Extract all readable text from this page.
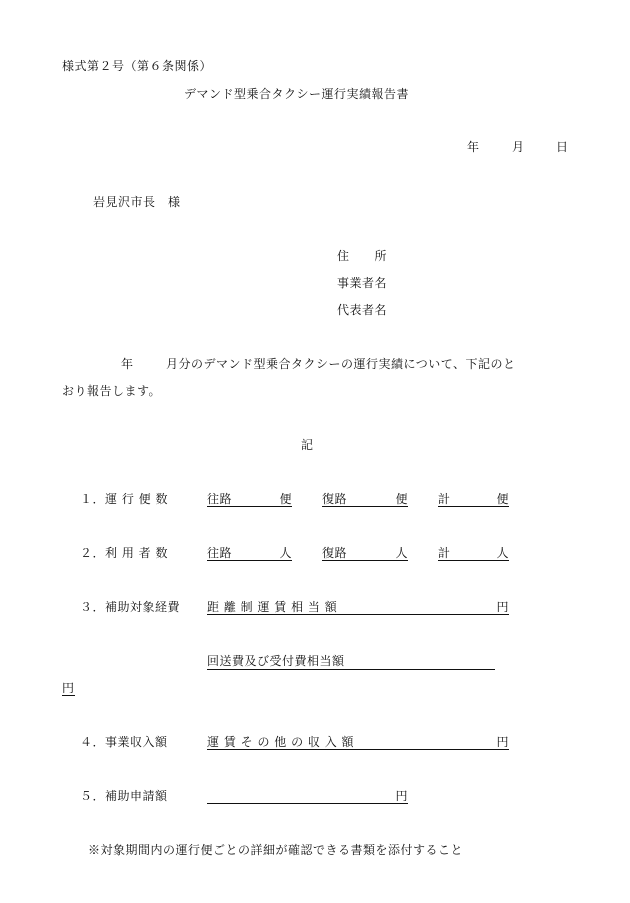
様式第２号（第６条関係）
デマンド型乗合タクシー運行実績報告書
年	月	日
岩見沢市長　様
住　　所
事業者名
代表者名
年	月分のデマンド型乗合タクシーの運行実績について、下記のと
おり報告します。
記
１．運 行 便 数	往路	便	復路	便	計	便
２．利 用 者 数	往路	人	復路	人	計	人
３．補助対象経費 距 離 制 運 賃 相 当 額	円
回送費及び受付費相当額
円
４．事業収入額	運 賃 そ の 他 の 収 入 額	円
５．補助申請額	円
※対象期間内の運行便ごとの詳細が確認できる書類を添付すること
